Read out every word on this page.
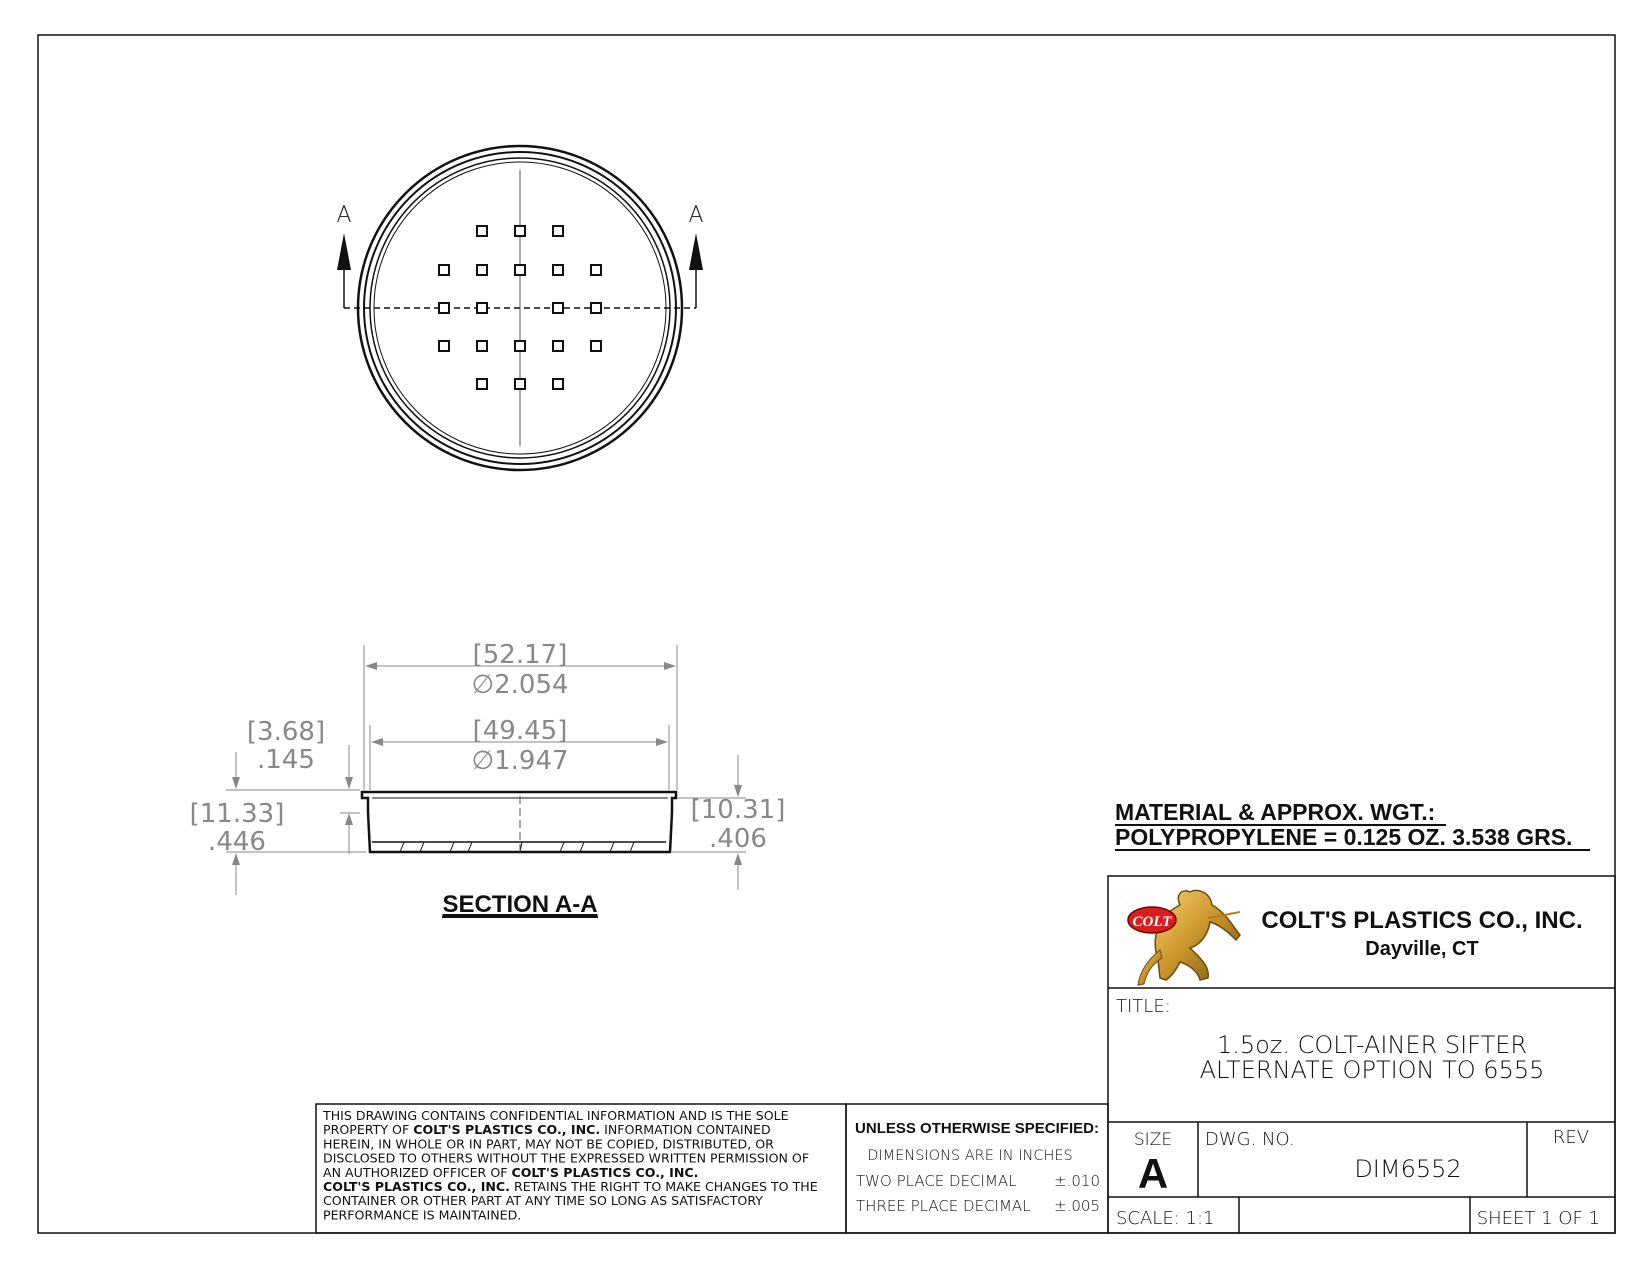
A	A
[52.17]
∅2.054
[49.45]
∅1.947
[3.68]
.145
[11.33]
.446
[10.31]
.406
SECTION A-A
MATERIAL & APPROX. WGT.:
POLYPROPYLENE = 0.125 OZ. 3.538 GRS.
COLT	COLT'S PLASTICS CO., INC.
Dayville, CT
TITLE:
1.5oz. COLT-AINER SIFTER
ALTERNATE OPTION TO 6555
SIZE
A
DWG. NO.
DIM6552
REV
SCALE: 1:1	SHEET 1 OF 1
THIS DRAWING CONTAINS CONFIDENTIAL INFORMATION AND IS THE SOLE
PROPERTY OF COLT'S PLASTICS CO., INC. INFORMATION CONTAINED
HEREIN, IN WHOLE OR IN PART, MAY NOT BE COPIED, DISTRIBUTED, OR
DISCLOSED TO OTHERS WITHOUT THE EXPRESSED WRITTEN PERMISSION OF
AN AUTHORIZED OFFICER OF COLT'S PLASTICS CO., INC.
COLT'S PLASTICS CO., INC. RETAINS THE RIGHT TO MAKE CHANGES TO THE
CONTAINER OR OTHER PART AT ANY TIME SO LONG AS SATISFACTORY
PERFORMANCE IS MAINTAINED.
UNLESS OTHERWISE SPECIFIED:
DIMENSIONS ARE IN INCHES
TWO PLACE DECIMAL	±.010
THREE PLACE DECIMAL ±.005
